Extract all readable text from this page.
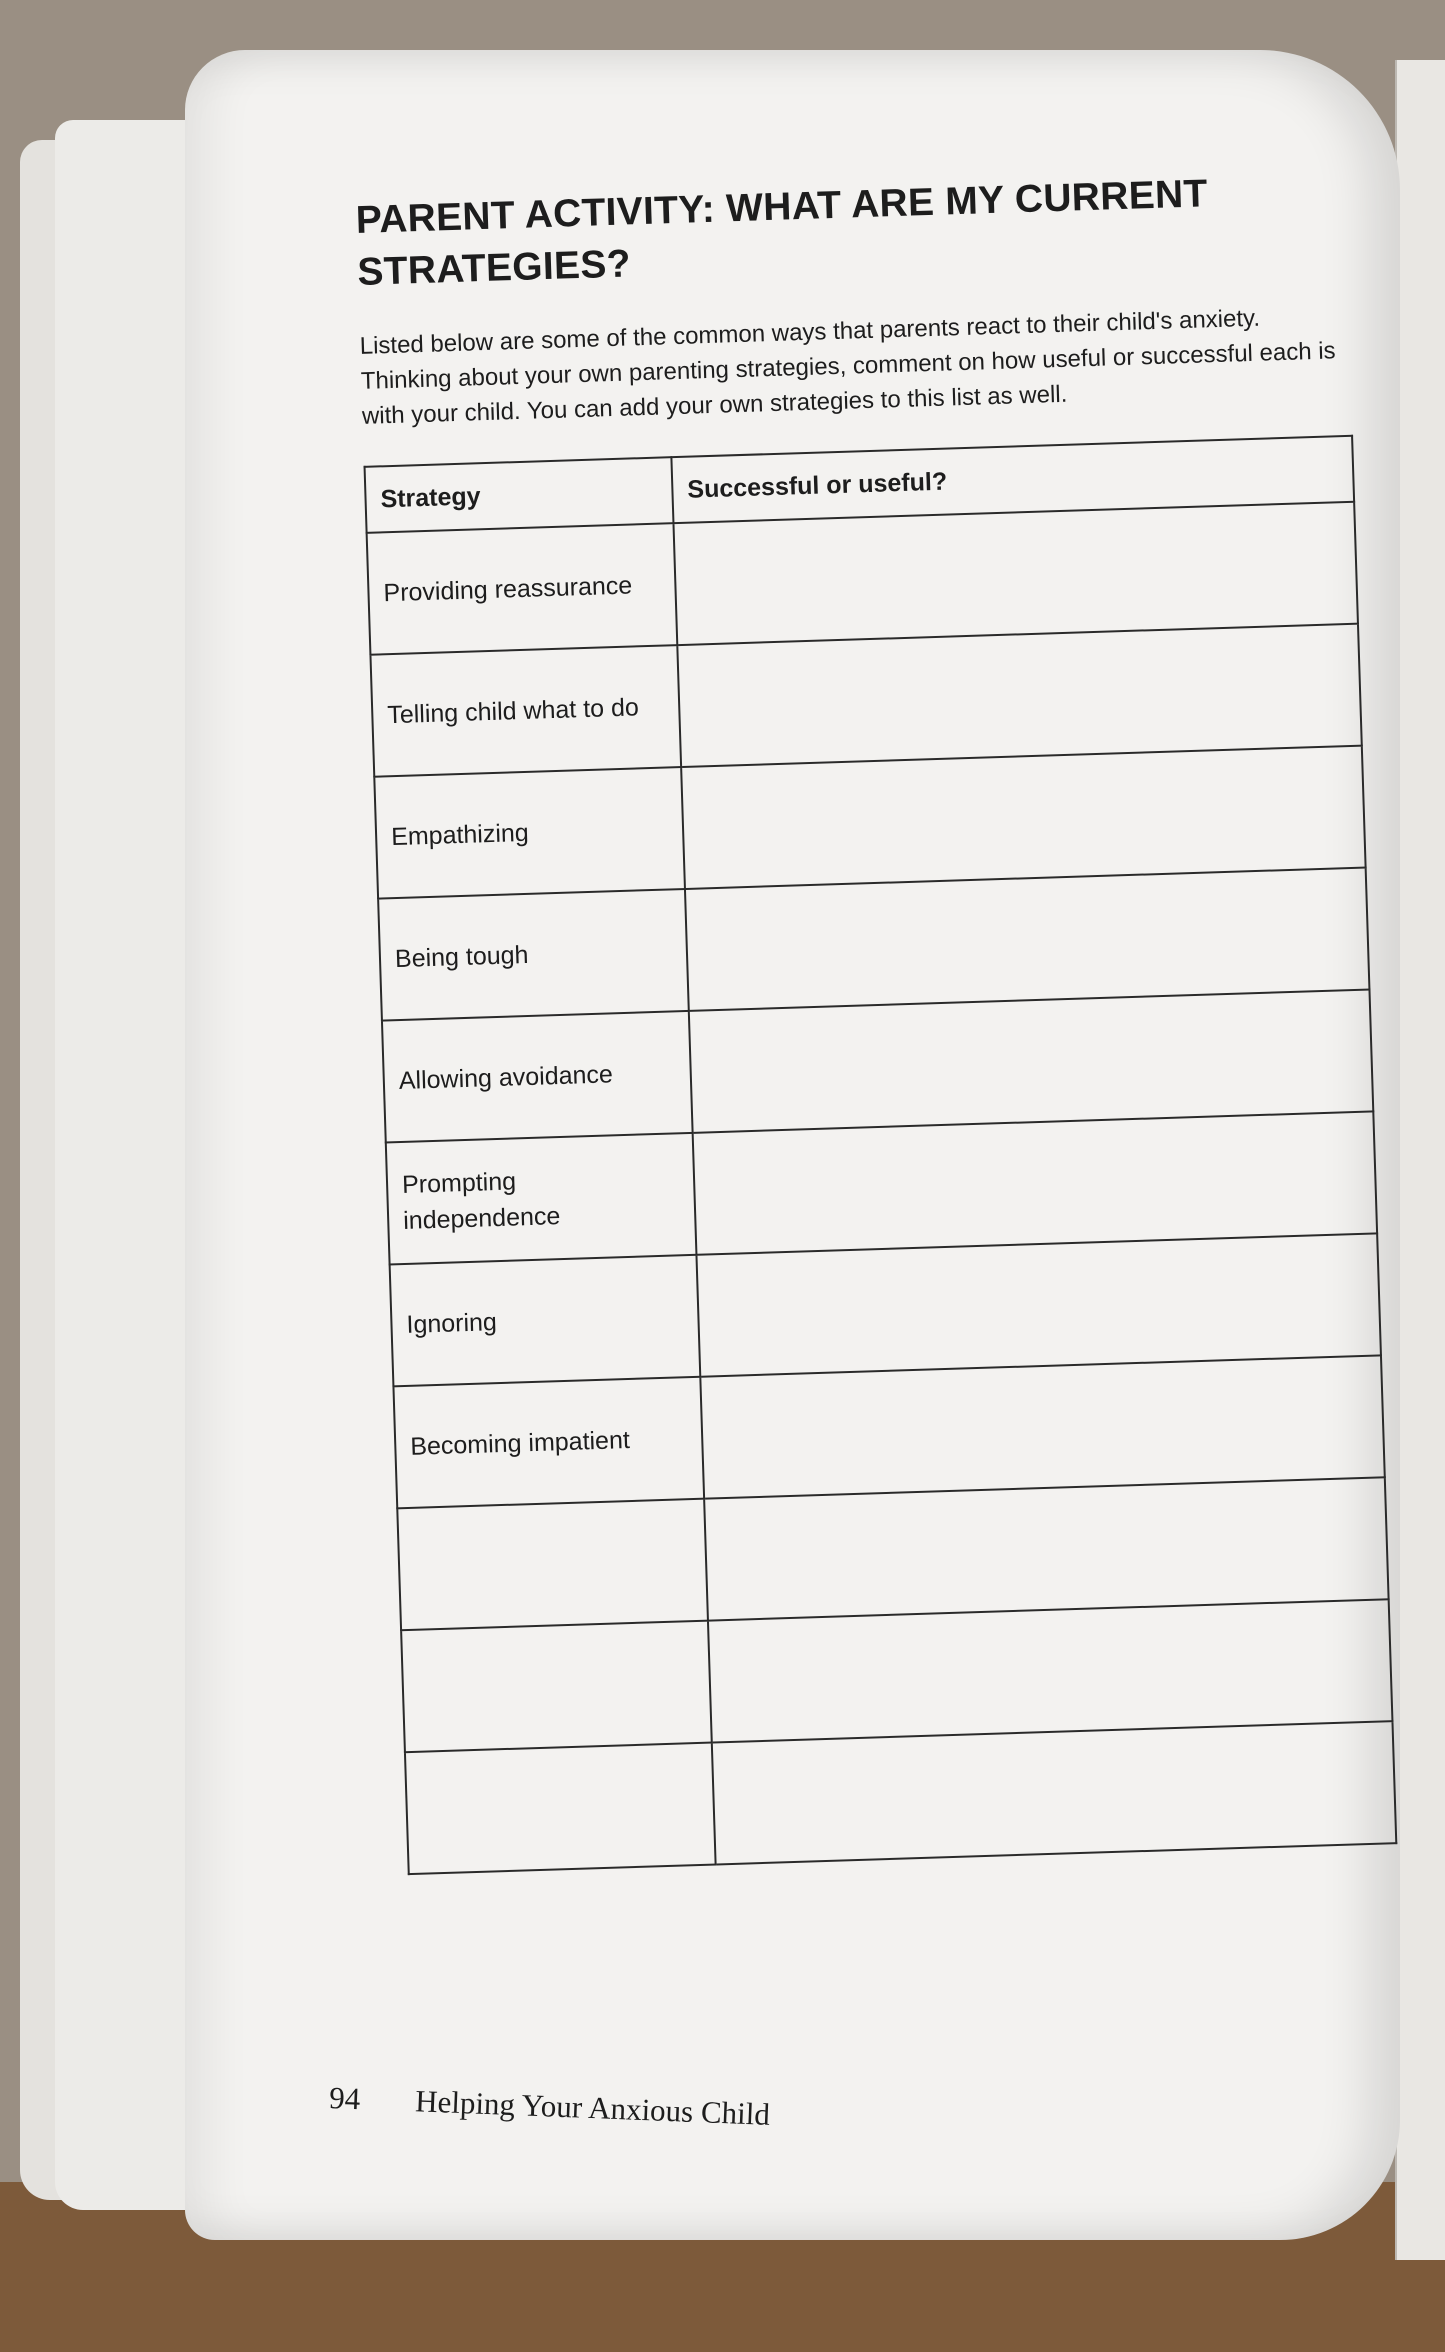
PARENT ACTIVITY: WHAT ARE MY CURRENT STRATEGIES?

Listed below are some of the common ways that parents react to their child's anxiety. Thinking about your own parenting strategies, comment on how useful or successful each is with your child. You can add your own strategies to this list as well.

Strategy	Successful or useful?
Providing reassurance	
Telling child what to do	
Empathizing	
Being tough	
Allowing avoidance	
Prompting independence	
Ignoring	
Becoming impatient	

94 Helping Your Anxious Child
